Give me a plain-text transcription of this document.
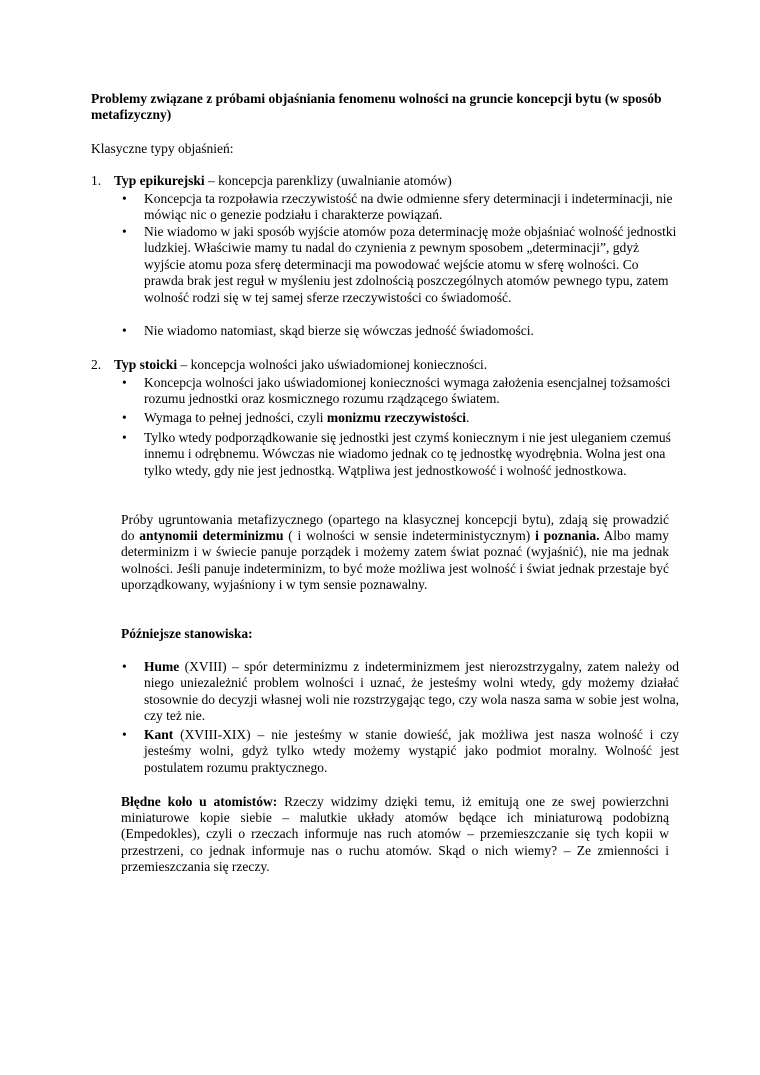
Problemy związane z próbami objaśniania fenomenu wolności na gruncie koncepcji bytu (w sposób metafizyczny)
Klasyczne typy objaśnień:
1. Typ epikurejski – koncepcja parenklizy (uwalnianie atomów)
• Koncepcja ta rozpoławia rzeczywistość na dwie odmienne sfery determinacji i indeterminacji, nie mówiąc nic o genezie podziału i charakterze powiązań.
• Nie wiadomo w jaki sposób wyjście atomów poza determinację może objaśniać wolność jednostki ludzkiej. Właściwie mamy tu nadal do czynienia z pewnym sposobem „determinacji”, gdyż wyjście atomu poza sferę determinacji ma powodować wejście atomu w sferę wolności. Co prawda brak jest reguł w myśleniu jest zdolnością poszczególnych atomów pewnego typu, zatem wolność rodzi się w tej samej sferze rzeczywistości co świadomość.
• Nie wiadomo natomiast, skąd bierze się wówczas jedność świadomości.
2. Typ stoicki – koncepcja wolności jako uświadomionej konieczności.
• Koncepcja wolności jako uświadomionej konieczności wymaga założenia esencjalnej tożsamości rozumu jednostki oraz kosmicznego rozumu rządzącego światem.
• Wymaga to pełnej jedności, czyli monizmu rzeczywistości.
• Tylko wtedy podporządkowanie się jednostki jest czymś koniecznym i nie jest uleganiem czemuś innemu i odrębnemu. Wówczas nie wiadomo jednak co tę jednostkę wyodrębnia. Wolna jest ona tylko wtedy, gdy nie jest jednostką. Wątpliwa jest jednostkowość i wolność jednostkowa.
Próby ugruntowania metafizycznego (opartego na klasycznej koncepcji bytu), zdają się prowadzić do antynomii determinizmu ( i wolności w sensie indeterministycznym) i poznania. Albo mamy determinizm i w świecie panuje porządek i możemy zatem świat poznać (wyjaśnić), nie ma jednak wolności. Jeśli panuje indeterminizm, to być może możliwa jest wolność i świat jednak przestaje być uporządkowany, wyjaśniony i w tym sensie poznawalny.
Późniejsze stanowiska:
• Hume (XVIII) – spór determinizmu z indeterminizmem jest nierozstrzygalny, zatem należy od niego uniezależnić problem wolności i uznać, że jesteśmy wolni wtedy, gdy możemy działać stosownie do decyzji własnej woli nie rozstrzygając tego, czy wola nasza sama w sobie jest wolna, czy też nie.
• Kant (XVIII-XIX) – nie jesteśmy w stanie dowieść, jak możliwa jest nasza wolność i czy jesteśmy wolni, gdyż tylko wtedy możemy wystąpić jako podmiot moralny. Wolność jest postulatem rozumu praktycznego.
Błędne koło u atomistów: Rzeczy widzimy dzięki temu, iż emitują one ze swej powierzchni miniaturowe kopie siebie – malutkie układy atomów będące ich miniaturową podobizną (Empedokles), czyli o rzeczach informuje nas ruch atomów – przemieszczanie się tych kopii w przestrzeni, co jednak informuje nas o ruchu atomów. Skąd o nich wiemy? – Ze zmienności i przemieszczania się rzeczy.
